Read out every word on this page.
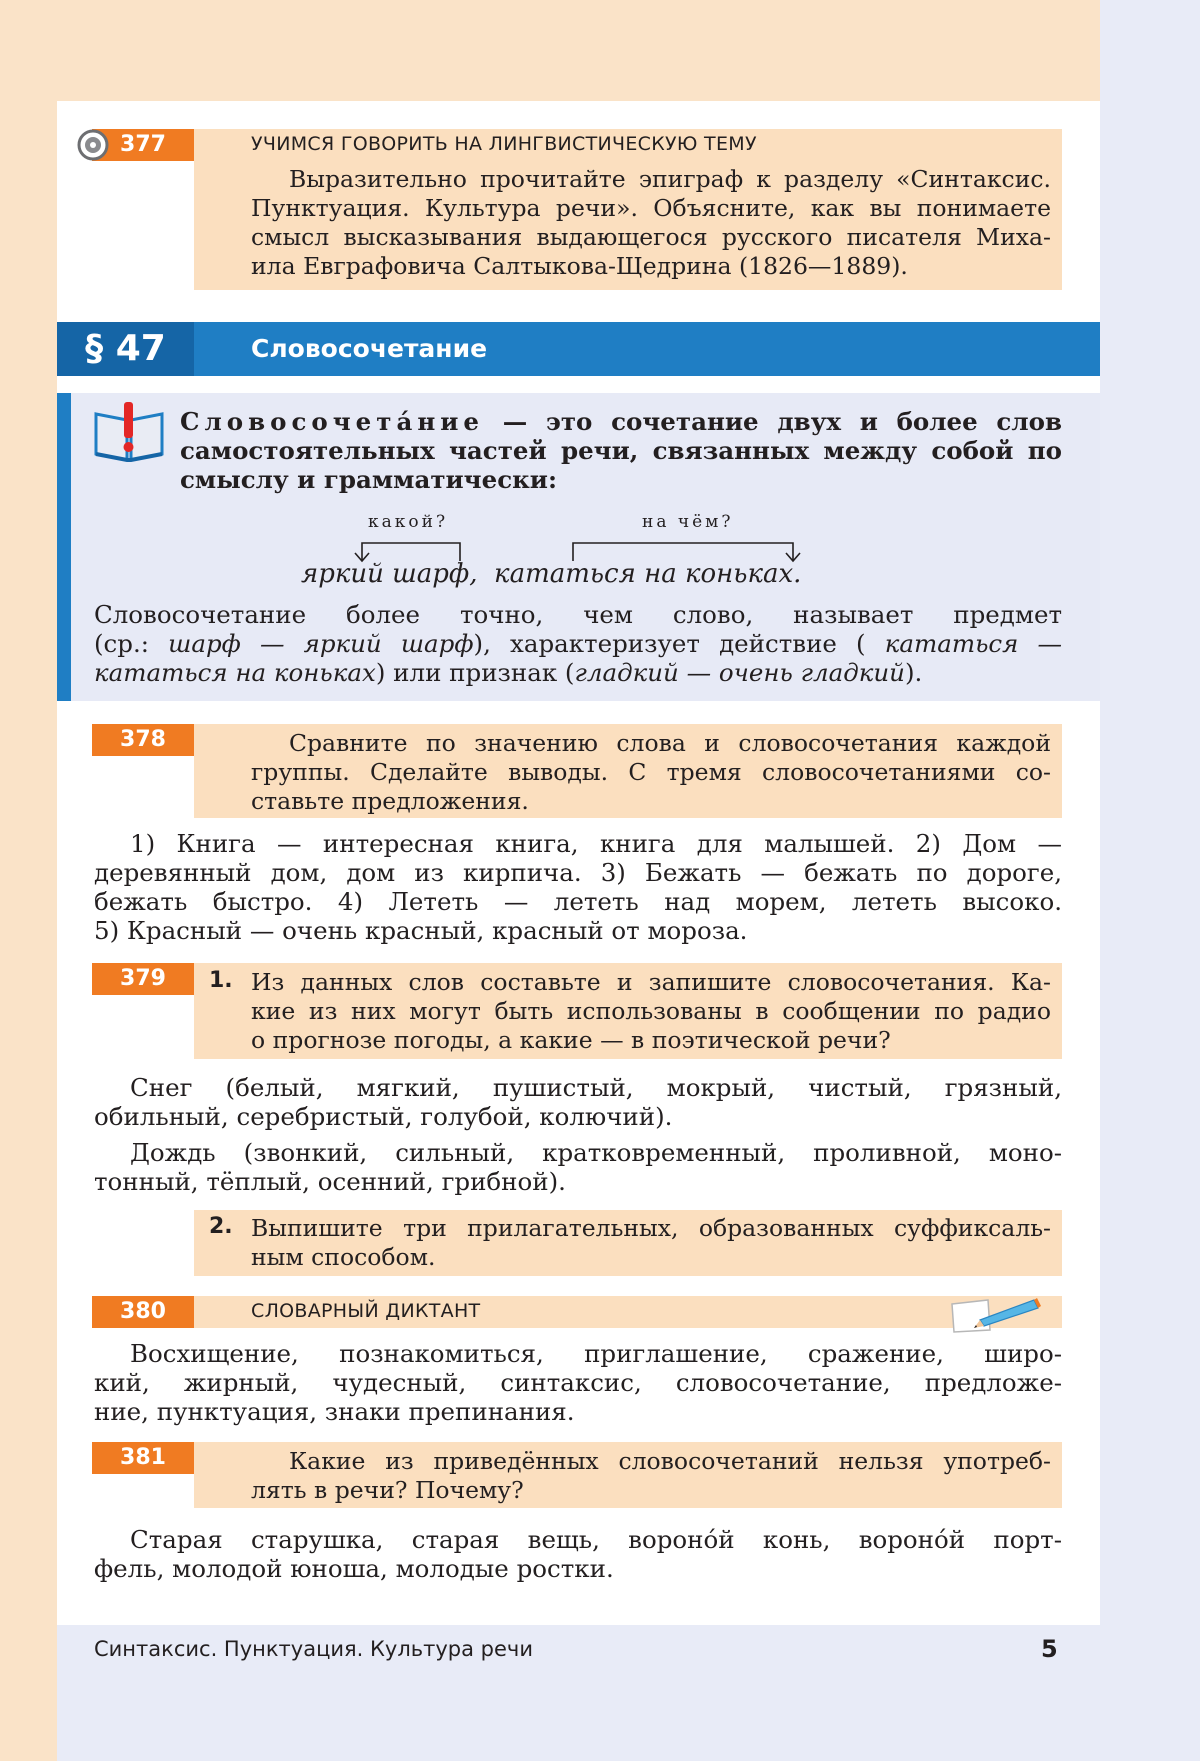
377	УЧИМСЯ ГОВОРИТЬ НА ЛИНГВИСТИЧЕСКУЮ ТЕМУ
Выразительно прочитайте эпиграф к разделу «Синтаксис.
Пунктуация. Культура речи». Объясните, как вы понимаете
смысл высказывания выдающегося русского писателя Миха-
ила Евграфовича Салтыкова-Щедрина (1826—1889).
§ 47	Словосочетание
Словосочета́ние — это сочетание двух и более слов
самостоятельных частей речи, связанных между собой по
смыслу и грамматически:
какой?	на чём?
яркий шарф,  кататься на коньках.
Словосочетание более точно, чем слово, называет предмет
(ср.: шарф — яркий шарф), характеризует действие ( кататься —
кататься на коньках) или признак (гладкий — очень гладкий).
378	Сравните по значению слова и словосочетания каждой
группы. Сделайте выводы. С тремя словосочетаниями со-
ставьте предложения.
1) Книга — интересная книга, книга для малышей. 2) Дом —
деревянный дом, дом из кирпича. 3) Бежать — бежать по дороге,
бежать быстро. 4) Лететь — лететь над морем, лететь высоко.
5) Красный — очень красный, красный от мороза.
379	1. Из данных слов составьте и запишите словосочетания. Ка-
кие из них могут быть использованы в сообщении по радио
о прогнозе погоды, а какие — в поэтической речи?
Снег (белый, мягкий, пушистый, мокрый, чистый, грязный,
обильный, серебристый, голубой, колючий).
Дождь (звонкий, сильный, кратковременный, проливной, моно-
тонный, тёплый, осенний, грибной).
2. Выпишите три прилагательных, образованных суффиксаль-
ным способом.
380	СЛОВАРНЫЙ ДИКТАНТ
Восхищение, познакомиться, приглашение, сражение, широ-
кий, жирный, чудесный, синтаксис, словосочетание, предложе-
ние, пунктуация, знаки препинания.
381	Какие из приведённых словосочетаний нельзя употреб-
лять в речи? Почему?
Старая старушка, старая вещь, вороно́й конь, вороно́й порт-
фель, молодой юноша, молодые ростки.
Синтаксис. Пунктуация. Культура речи	5
